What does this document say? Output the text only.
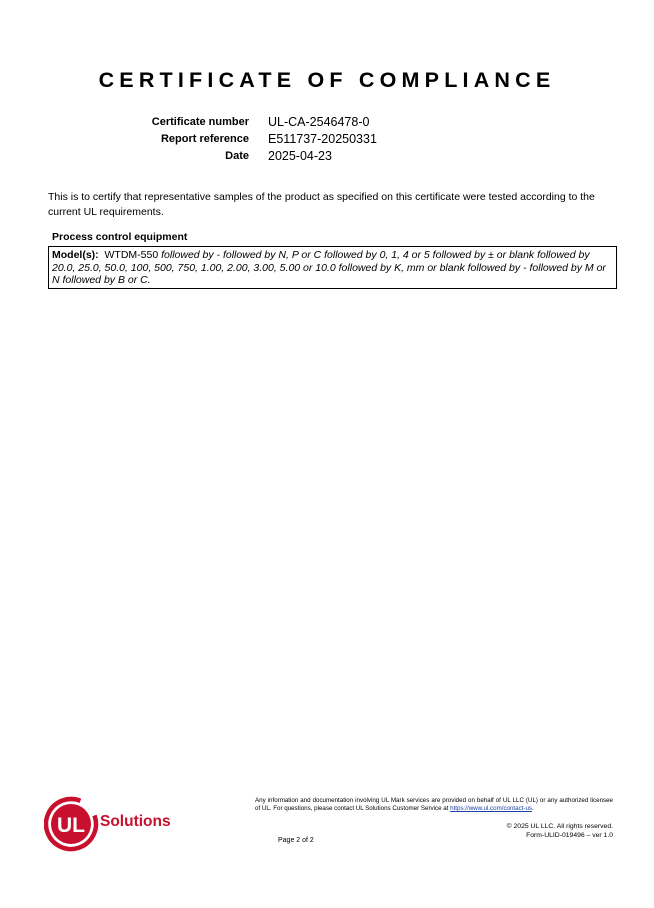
CERTIFICATE OF COMPLIANCE
Certificate number UL-CA-2546478-0
Report reference E511737-20250331
Date 2025-04-23
This is to certify that representative samples of the product as specified on this certificate were tested according to the current UL requirements.
Process control equipment
Model(s): WTDM-550 followed by - followed by N, P or C followed by 0, 1, 4 or 5 followed by ± or blank followed by 20.0, 25.0, 50.0, 100, 500, 750, 1.00, 2.00, 3.00, 5.00 or 10.0 followed by K, mm or blank followed by - followed by M or N followed by B or C.
UL Solutions
Any information and documentation involving UL Mark services are provided on behalf of UL LLC (UL) or any authorized licensee of UL. For questions, please contact UL Solutions Customer Service at https://www.ul.com/contact-us.
© 2025 UL LLC. All rights reserved.
Form-ULID-019496 – ver 1.0
Page 2 of 2
